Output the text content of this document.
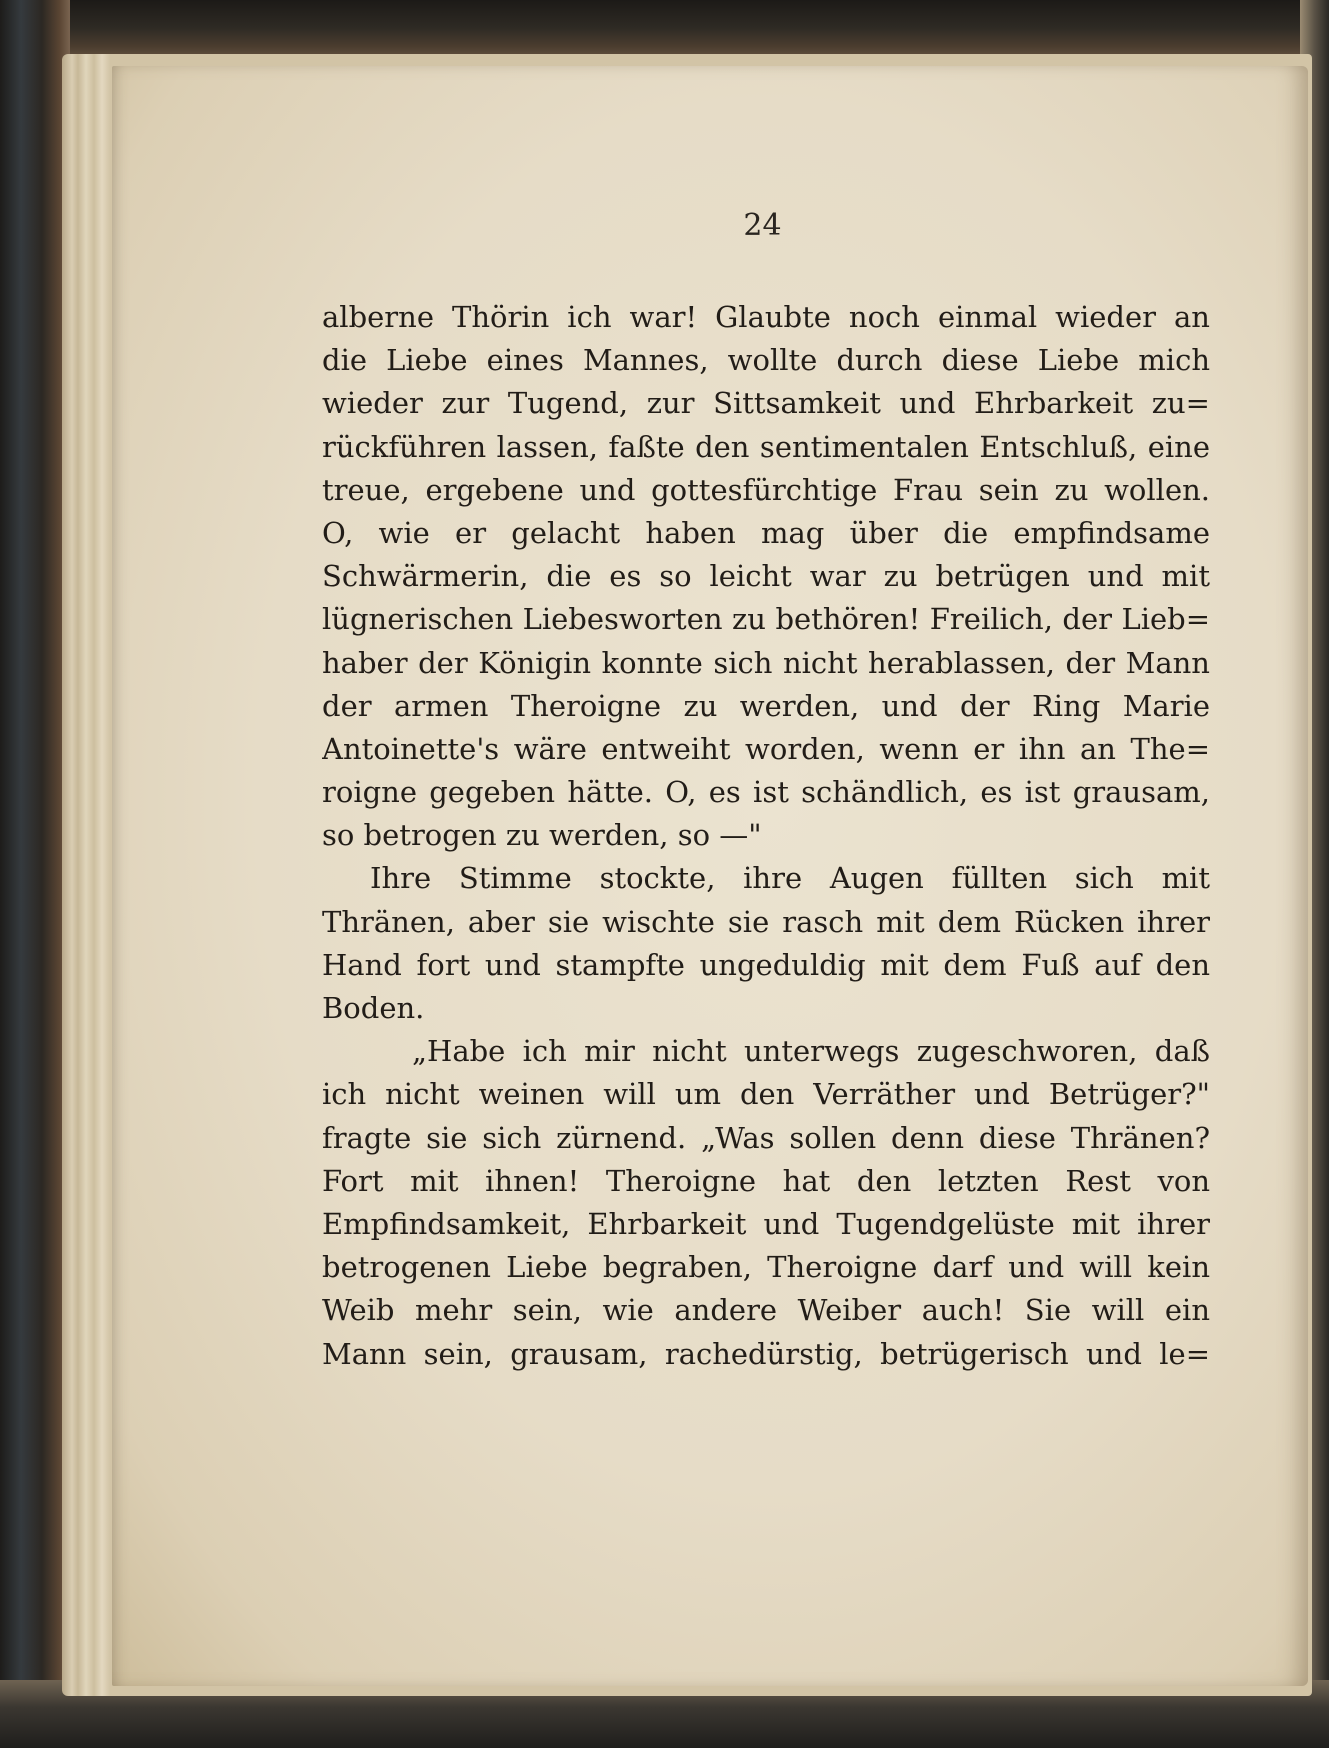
24
alberne Thörin ich war! Glaubte noch einmal wieder an
die Liebe eines Mannes, wollte durch diese Liebe mich
wieder zur Tugend, zur Sittsamkeit und Ehrbarkeit zu=
rückführen lassen, faßte den sentimentalen Entschluß, eine
treue, ergebene und gottesfürchtige Frau sein zu wollen.
O, wie er gelacht haben mag über die empfindsame
Schwärmerin, die es so leicht war zu betrügen und mit
lügnerischen Liebesworten zu bethören! Freilich, der Lieb=
haber der Königin konnte sich nicht herablassen, der Mann
der armen Theroigne zu werden, und der Ring Marie
Antoinette's wäre entweiht worden, wenn er ihn an The=
roigne gegeben hätte. O, es ist schändlich, es ist grausam,
so betrogen zu werden, so —"
Ihre Stimme stockte, ihre Augen füllten sich mit
Thränen, aber sie wischte sie rasch mit dem Rücken ihrer
Hand fort und stampfte ungeduldig mit dem Fuß auf den
Boden.
„Habe ich mir nicht unterwegs zugeschworen, daß
ich nicht weinen will um den Verräther und Betrüger?"
fragte sie sich zürnend. „Was sollen denn diese Thränen?
Fort mit ihnen! Theroigne hat den letzten Rest von
Empfindsamkeit, Ehrbarkeit und Tugendgelüste mit ihrer
betrogenen Liebe begraben, Theroigne darf und will kein
Weib mehr sein, wie andere Weiber auch! Sie will ein
Mann sein, grausam, rachedürstig, betrügerisch und le=
